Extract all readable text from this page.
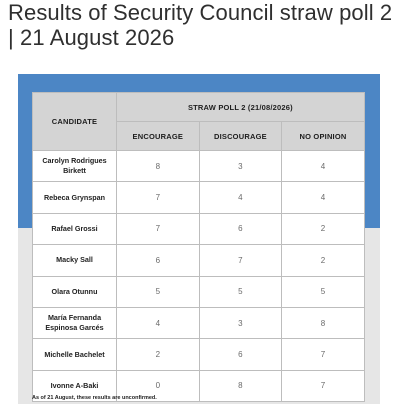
Results of Security Council straw poll 2 | 21 August 2026
CANDIDATE	STRAW POLL 2 (21/08/2026)		
	ENCOURAGE	DISCOURAGE	NO OPINION
Carolyn Rodrigues Birkett	8	3	4
Rebeca Grynspan	7	4	4
Rafael Grossi	7	6	2
Macky Sall	6	7	2
Olara Otunnu	5	5	5
María Fernanda Espinosa Garcés	4	3	8
Michelle Bachelet	2	6	7
Ivonne A-Baki	0	8	7

As of 21 August, these results are unconfirmed.
